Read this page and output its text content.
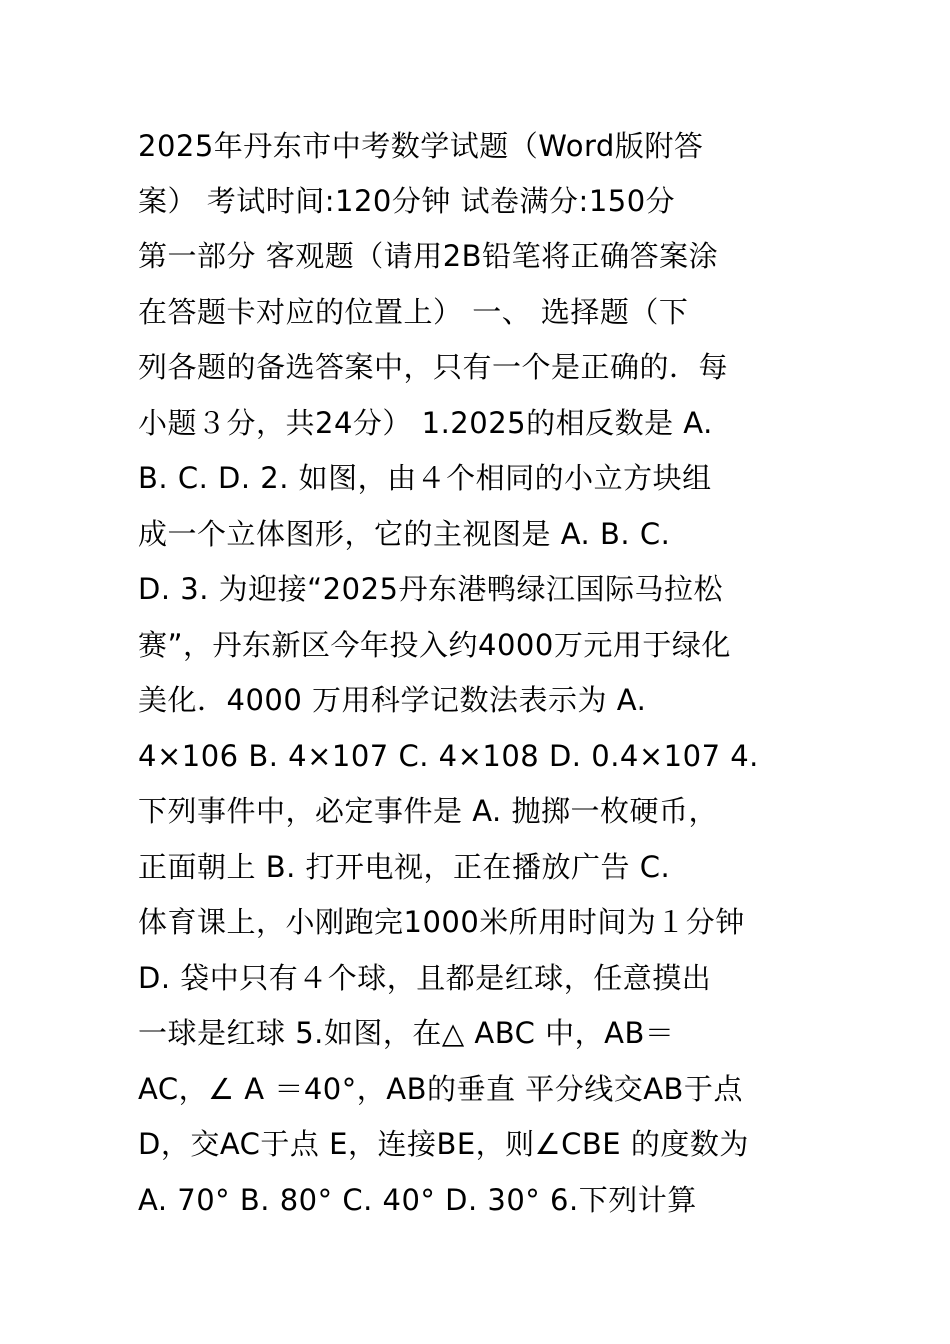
2025年丹东市中考数学试题（Word版附答
案） 考试时间:120分钟 试卷满分:150分
第一部分 客观题（请用2B铅笔将正确答案涂
在答题卡对应的位置上） 一、 选择题（下
列各题的备选答案中，只有一个是正确的．每
小题３分，共24分） 1.2025的相反数是 A.
B. C. D. 2. 如图，由４个相同的小立方块组
成一个立体图形，它的主视图是 A. B. C.
D. 3. 为迎接“2025丹东港鸭绿江国际马拉松
赛”，丹东新区今年投入约4000万元用于绿化
美化．4000 万用科学记数法表示为 A.
4×106 B. 4×107 C. 4×108 D. 0.4×107 4.
下列事件中，必定事件是 A. 抛掷一枚硬币，
正面朝上 B. 打开电视，正在播放广告 C.
体育课上，小刚跑完1000米所用时间为１分钟
D. 袋中只有４个球，且都是红球，任意摸出
一球是红球 5.如图，在△ ABC 中，AB＝
AC，∠ A ＝40°，AB的垂直 平分线交AB于点
D，交AC于点 E，连接BE，则∠CBE 的度数为
A. 70° B. 80° C. 40° D. 30° 6.下列计算
